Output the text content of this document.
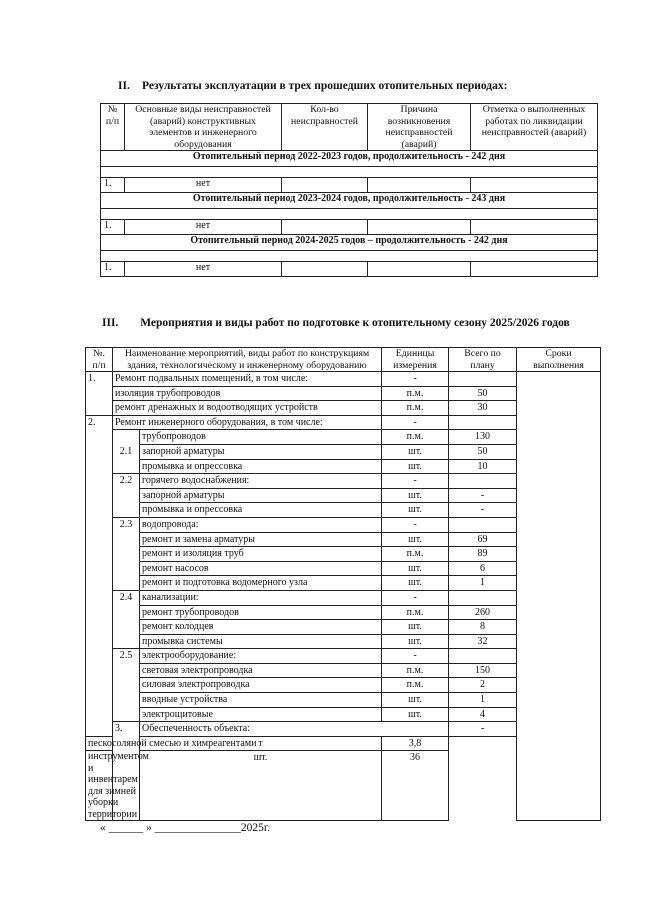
II. Результаты эксплуатации в трех прошедших отопительных периодах:
№ п/п	Основные виды неисправностей (аварий) конструктивных элементов и инженерного оборудования	Кол-во неисправностей	Причина возникновения неисправностей (аварий)	Отметка о выполненных работах по ликвидации неисправностей (аварий)
Отопительный период 2022-2023 годов, продолжительность - 242 дня				

1.	нет			
Отопительный период 2023-2024 годов, продолжительность - 243 дня				

1.	нет			
Отопительный период 2024-2025 годов – продолжительность - 242 дня				

1.	нет			
III. Мероприятия и виды работ по подготовке к отопительному сезону 2025/2026 годов
№. п/п	Наименование мероприятий, виды работ по конструкциям здания, технологическому и инженерному оборудованию		Единицы измерения	Всего по плану	Сроки выполнения	
1.	Ремонт подвальных помещений, в том числе:		-			
	изоляция трубопроводов		п.м.	50		
	ремонт дренажных и водоотводящих устройств		п.м.	30		
2.	Ремонт инженерного оборудования, в том числе:		-			
	2.1	трубопроводов	п.м.	130		
		запорной арматуры	шт.	50		
		промывка и опрессовка	шт.	10		
	2.2	горячего водоснабжения:	-			
		запорной арматуры	шт.	-		
		промывка и опрессовка	шт.	-		
	2.3	водопровода:	-			
		ремонт и замена арматуры	шт.	69		
		ремонт и изоляция труб	п.м.	89		
		ремонт насосов	шт.	6		
		ремонт и подготовка водомерного узла	шт.	1		
	2.4	канализации:	-			
		ремонт трубопроводов	п.м.	260		
		ремонт колодцев	шт.	8		
		промывка системы	шт.	32		
	2.5	электрооборудование:	-			
		световая электропроводка	п.м.	150		
		силовая электропроводка	п.м.	2		
		вводные устройства	шт.	1		
		электрощитовые	шт.	4		
	3.	Обеспеченность объекта:		-		
пескосоляной смесью и химреагентами		т	3,8			
инструментом и инвентарем для зимней уборки территории		шт.	36			
« ______ » _______________2025г.
